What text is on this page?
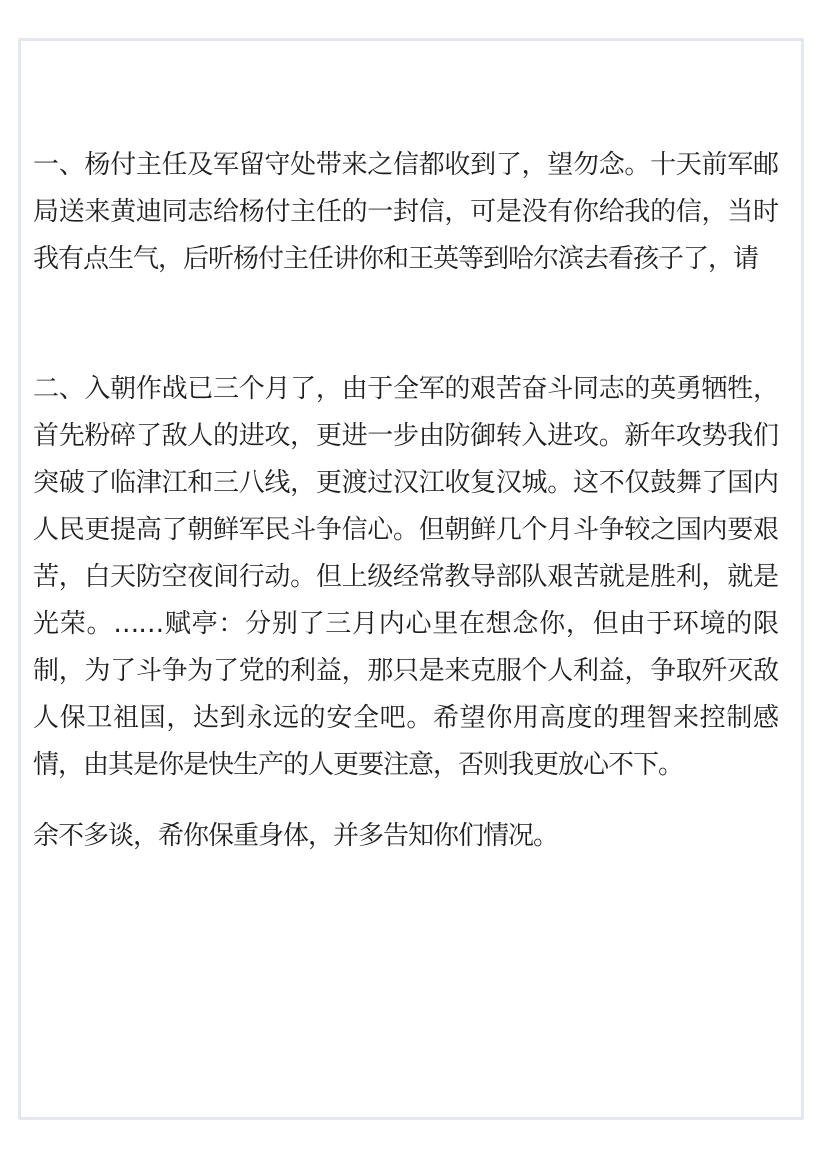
一、杨付主任及军留守处带来之信都收到了，望勿念。十天前军邮局送来黄迪同志给杨付主任的一封信，可是没有你给我的信，当时我有点生气，后听杨付主任讲你和王英等到哈尔滨去看孩子了，请

二、入朝作战已三个月了，由于全军的艰苦奋斗同志的英勇牺牲，首先粉碎了敌人的进攻，更进一步由防御转入进攻。新年攻势我们突破了临津江和三八线，更渡过汉江收复汉城。这不仅鼓舞了国内人民更提高了朝鲜军民斗争信心。但朝鲜几个月斗争较之国内要艰苦，白天防空夜间行动。但上级经常教导部队艰苦就是胜利，就是光荣。……赋亭：分别了三月内心里在想念你，但由于环境的限制，为了斗争为了党的利益，那只是来克服个人利益，争取歼灭敌人保卫祖国，达到永远的安全吧。希望你用高度的理智来控制感情，由其是你是快生产的人更要注意，否则我更放心不下。

余不多谈，希你保重身体，并多告知你们情况。
